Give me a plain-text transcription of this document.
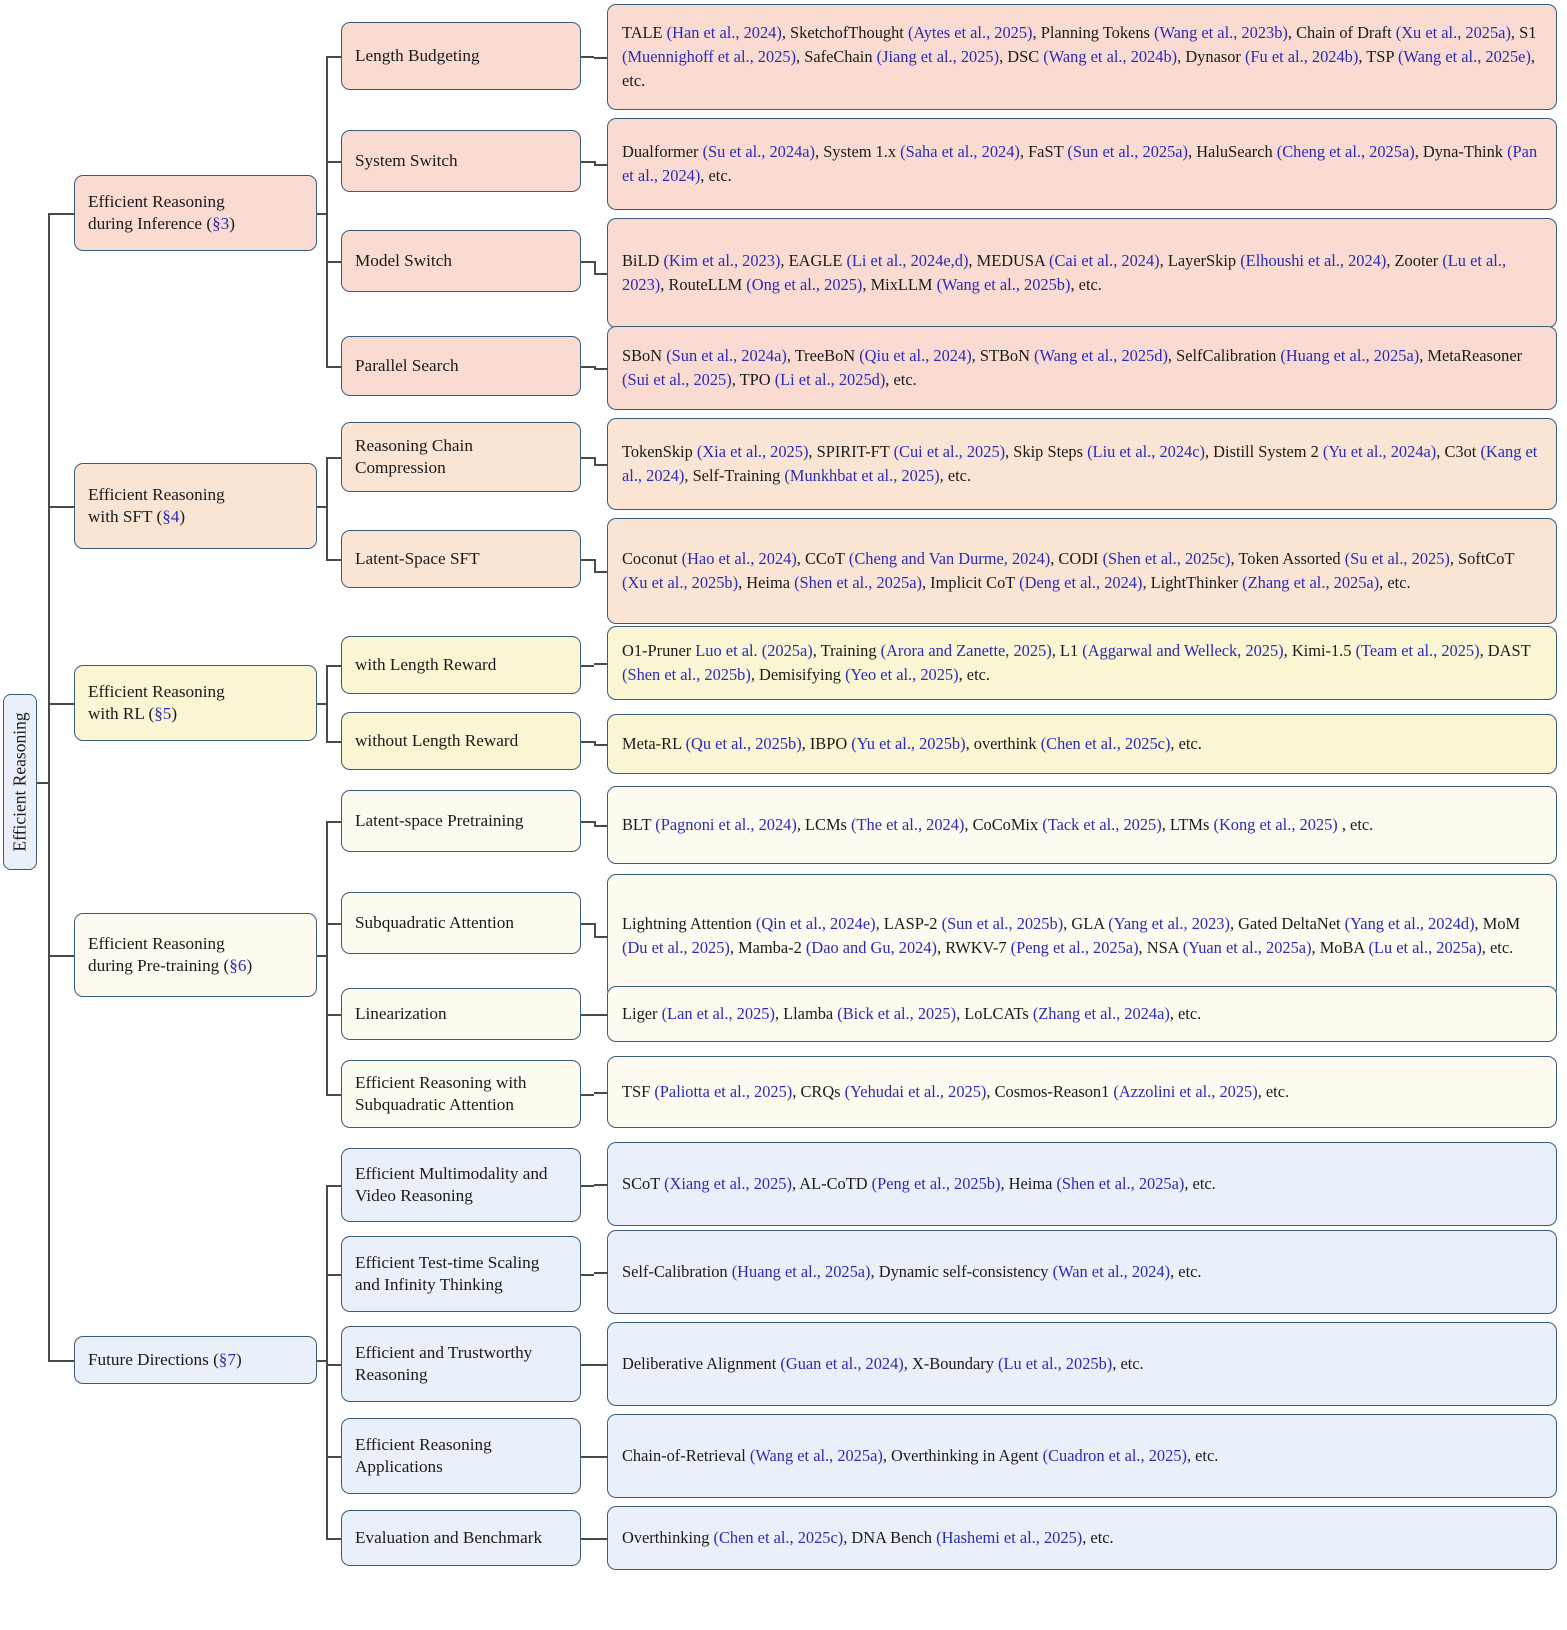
Efficient Reasoning
Efficient Reasoning
during Inference (§3)
Length Budgeting
TALE (Han et al., 2024), SketchofThought (Aytes et al., 2025), Planning Tokens (Wang et al., 2023b), Chain of Draft (Xu et al., 2025a), S1 (Muennighoff et al., 2025), SafeChain (Jiang et al., 2025), DSC (Wang et al., 2024b), Dynasor (Fu et al., 2024b), TSP (Wang et al., 2025e), etc.
System Switch	Dualformer (Su et al., 2024a), System 1.x (Saha et al., 2024), FaST (Sun et al., 2025a), HaluSearch (Cheng et al., 2025a), Dyna-Think (Pan et al., 2024), etc.
Model Switch	BiLD (Kim et al., 2023), EAGLE (Li et al., 2024e,d), MEDUSA (Cai et al., 2024), LayerSkip (Elhoushi et al., 2024), Zooter (Lu et al., 2023), RouteLLM (Ong et al., 2025), MixLLM (Wang et al., 2025b), etc.
Parallel Search
SBoN (Sun et al., 2024a), TreeBoN (Qiu et al., 2024), STBoN (Wang et al., 2025d), SelfCalibration (Huang et al., 2025a), MetaReasoner (Sui et al., 2025), TPO (Li et al., 2025d), etc.
Efficient Reasoning
with SFT (§4)
Reasoning Chain
Compression
TokenSkip (Xia et al., 2025), SPIRIT-FT (Cui et al., 2025), Skip Steps (Liu et al., 2024c), Distill System 2 (Yu et al., 2024a), C3ot (Kang et al., 2024), Self-Training (Munkhbat et al., 2025), etc.
Latent-Space SFT	Coconut (Hao et al., 2024), CCoT (Cheng and Van Durme, 2024), CODI (Shen et al., 2025c), Token Assorted (Su et al., 2025), SoftCoT (Xu et al., 2025b), Heima (Shen et al., 2025a), Implicit CoT (Deng et al., 2024), LightThinker (Zhang et al., 2025a), etc.
Efficient Reasoning
with RL (§5)
with Length Reward
O1-Pruner Luo et al. (2025a), Training (Arora and Zanette, 2025), L1 (Aggarwal and Welleck, 2025), Kimi-1.5 (Team et al., 2025), DAST (Shen et al., 2025b), Demisifying (Yeo et al., 2025), etc.
without Length Reward	Meta-RL (Qu et al., 2025b), IBPO (Yu et al., 2025b), overthink (Chen et al., 2025c), etc.
Efficient Reasoning
during Pre-training (§6)
Latent-space Pretraining	BLT (Pagnoni et al., 2024), LCMs (The et al., 2024), CoCoMix (Tack et al., 2025), LTMs (Kong et al., 2025) , etc.
Subquadratic Attention	Lightning Attention (Qin et al., 2024e), LASP-2 (Sun et al., 2025b), GLA (Yang et al., 2023), Gated DeltaNet (Yang et al., 2024d), MoM (Du et al., 2025), Mamba-2 (Dao and Gu, 2024), RWKV-7 (Peng et al., 2025a), NSA (Yuan et al., 2025a), MoBA (Lu et al., 2025a), etc.
Linearization	Liger (Lan et al., 2025), Llamba (Bick et al., 2025), LoLCATs (Zhang et al., 2024a), etc.
Efficient Reasoning with
Subquadratic Attention
TSF (Paliotta et al., 2025), CRQs (Yehudai et al., 2025), Cosmos-Reason1 (Azzolini et al., 2025), etc.
Future Directions (§7)
Efficient Multimodality and
Video Reasoning
SCoT (Xiang et al., 2025), AL-CoTD (Peng et al., 2025b), Heima (Shen et al., 2025a), etc.
Efficient Test-time Scaling
and Infinity Thinking
Self-Calibration (Huang et al., 2025a), Dynamic self-consistency (Wan et al., 2024), etc.
Efficient and Trustworthy
Reasoning
Deliberative Alignment (Guan et al., 2024), X-Boundary (Lu et al., 2025b), etc.
Efficient Reasoning
Applications
Chain-of-Retrieval (Wang et al., 2025a), Overthinking in Agent (Cuadron et al., 2025), etc.
Evaluation and Benchmark	Overthinking (Chen et al., 2025c), DNA Bench (Hashemi et al., 2025), etc.
